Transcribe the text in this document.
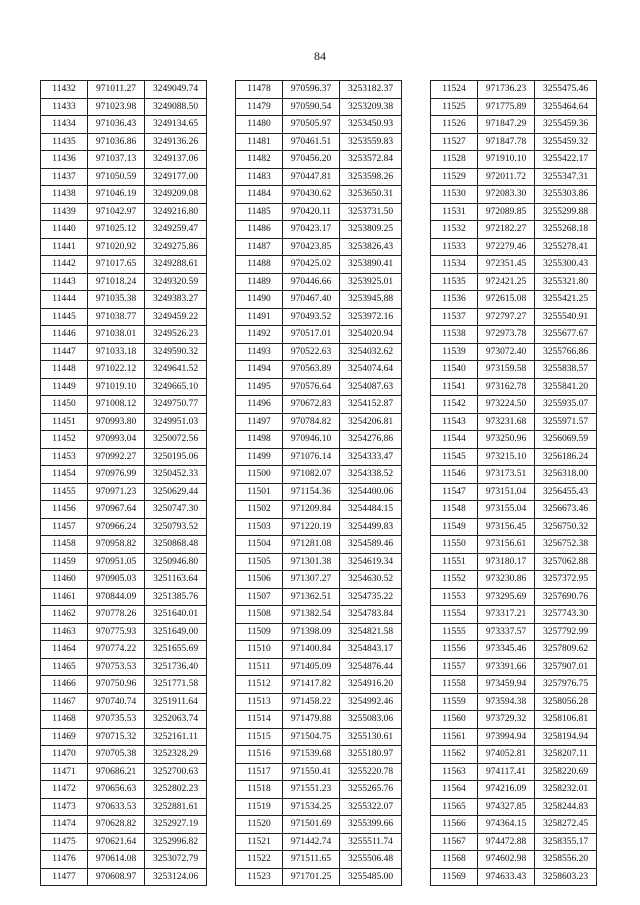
84
11432	971011.27	3249049.74
11433	971023.98	3249088.50
11434	971036.43	3249134.65
11435	971036.86	3249136.26
11436	971037.13	3249137.06
11437	971050.59	3249177.00
11438	971046.19	3249209.08
11439	971042.97	3249216.80
11440	971025.12	3249259.47
11441	971020.92	3249275.86
11442	971017.65	3249288.61
11443	971018.24	3249320.59
11444	971035.38	3249383.27
11445	971038.77	3249459.22
11446	971038.01	3249526.23
11447	971033.18	3249590.32
11448	971022.12	3249641.52
11449	971019.10	3249665.10
11450	971008.12	3249750.77
11451	970993.80	3249951.03
11452	970993.04	3250072.56
11453	970992.27	3250195.06
11454	970976.99	3250452.33
11455	970971.23	3250629.44
11456	970967.64	3250747.30
11457	970966.24	3250793.52
11458	970958.82	3250868.48
11459	970951.05	3250946.80
11460	970905.03	3251163.64
11461	970844.09	3251385.76
11462	970778.26	3251640.01
11463	970775.93	3251649.00
11464	970774.22	3251655.69
11465	970753.53	3251736.40
11466	970750.96	3251771.58
11467	970740.74	3251911.64
11468	970735.53	3252063.74
11469	970715.32	3252161.11
11470	970705.38	3252328.29
11471	970686.21	3252700.63
11472	970656.63	3252802.23
11473	970633.53	3252881.61
11474	970628.82	3252927.19
11475	970621.64	3252996.82
11476	970614.08	3253072.79
11477	970608.97	3253124.06
11478	970596.37	3253182.37
11479	970590.54	3253209.38
11480	970505.97	3253450.93
11481	970461.51	3253559.83
11482	970456.20	3253572.84
11483	970447.81	3253598.26
11484	970430.62	3253650.31
11485	970420.11	3253731.50
11486	970423.17	3253809.25
11487	970423.85	3253826.43
11488	970425.02	3253890.41
11489	970446.66	3253925.01
11490	970467.40	3253945.88
11491	970493.52	3253972.16
11492	970517.01	3254020.94
11493	970522.63	3254032.62
11494	970563.89	3254074.64
11495	970576.64	3254087.63
11496	970672.83	3254152.87
11497	970784.82	3254206.81
11498	970946.10	3254276.86
11499	971076.14	3254333.47
11500	971082.07	3254338.52
11501	971154.36	3254400.06
11502	971209.84	3254484.15
11503	971220.19	3254499.83
11504	971281.08	3254589.46
11505	971301.38	3254619.34
11506	971307.27	3254630.52
11507	971362.51	3254735.22
11508	971382.54	3254783.84
11509	971398.09	3254821.58
11510	971400.84	3254843.17
11511	971405.09	3254876.44
11512	971417.82	3254916.20
11513	971458.22	3254992.46
11514	971479.88	3255083.06
11515	971504.75	3255130.61
11516	971539.68	3255180.97
11517	971550.41	3255220.78
11518	971551.23	3255265.76
11519	971534.25	3255322.07
11520	971501.69	3255399.66
11521	971442.74	3255511.74
11522	971511.65	3255506.48
11523	971701.25	3255485.00
11524	971736.23	3255475.46
11525	971775.89	3255464.64
11526	971847.29	3255459.36
11527	971847.78	3255459.32
11528	971910.10	3255422.17
11529	972011.72	3255347.31
11530	972083.30	3255303.86
11531	972089.85	3255299.88
11532	972182.27	3255268.18
11533	972279.46	3255278.41
11534	972351.45	3255300.43
11535	972421.25	3255321.80
11536	972615.08	3255421.25
11537	972797.27	3255540.91
11538	972973.78	3255677.67
11539	973072.40	3255766.86
11540	973159.58	3255838.57
11541	973162.78	3255841.20
11542	973224.50	3255935.07
11543	973231.68	3255971.57
11544	973250.96	3256069.59
11545	973215.10	3256186.24
11546	973173.51	3256318.00
11547	973151.04	3256455.43
11548	973155.04	3256673.46
11549	973156.45	3256750.32
11550	973156.61	3256752.38
11551	973180.17	3257062.88
11552	973230.86	3257372.95
11553	973295.69	3257690.76
11554	973317.21	3257743.30
11555	973337.57	3257792.99
11556	973345.46	3257809.62
11557	973391.66	3257907.01
11558	973459.94	3257976.75
11559	973594.38	3258056.28
11560	973729.32	3258106.81
11561	973994.94	3258194.94
11562	974052.81	3258207.11
11563	974117.41	3258220.69
11564	974216.09	3258232.01
11565	974327.85	3258244.83
11566	974364.15	3258272.45
11567	974472.88	3258355.17
11568	974602.98	3258556.20
11569	974633.43	3258603.23
